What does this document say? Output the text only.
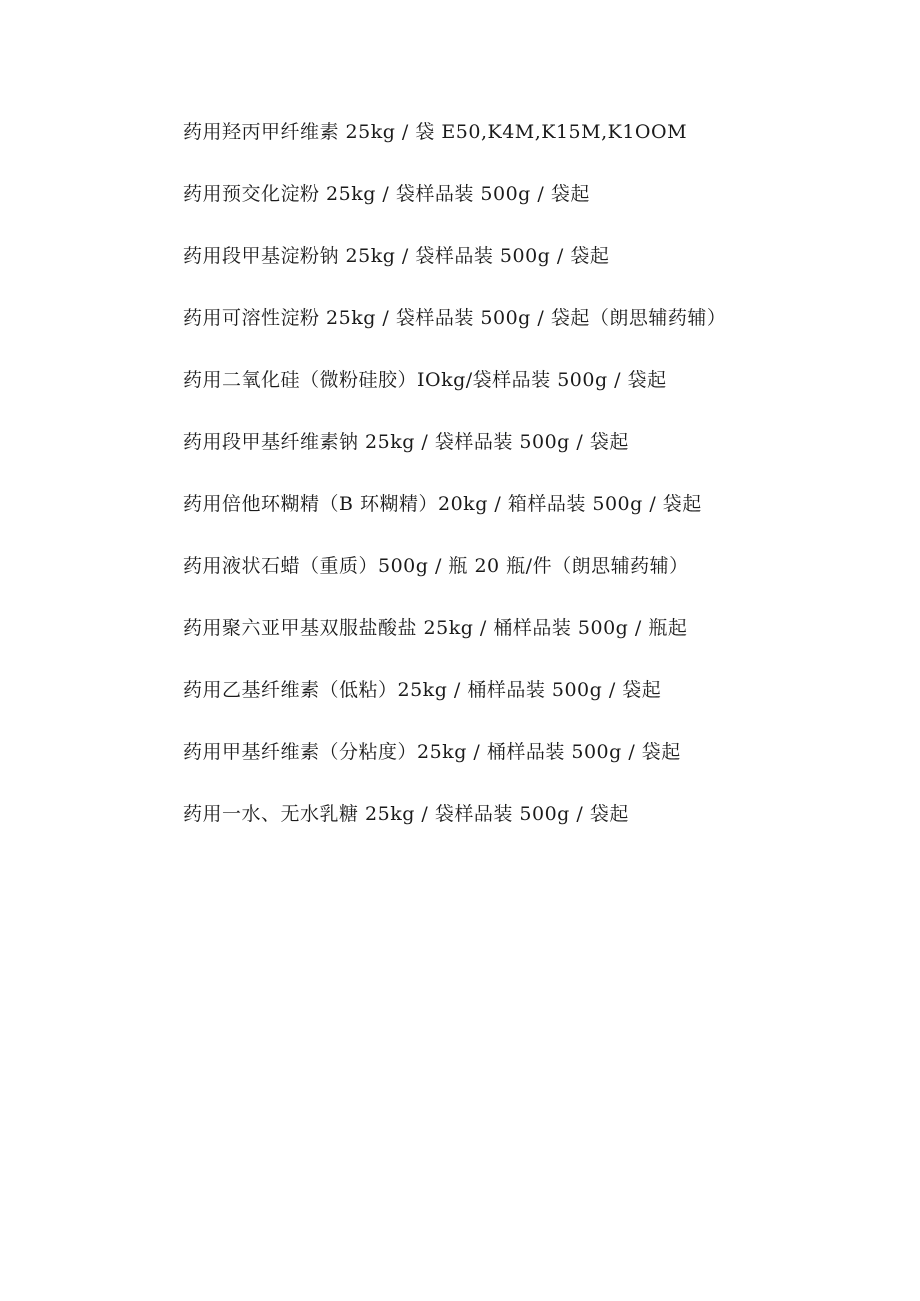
药用羟丙甲纤维素 25kg / 袋 E50,K4M,K15M,K1OOM
药用预交化淀粉 25kg / 袋样品装 500g / 袋起
药用段甲基淀粉钠 25kg / 袋样品装 500g / 袋起
药用可溶性淀粉 25kg / 袋样品装 500g / 袋起（朗思辅药辅）
药用二氧化硅（微粉硅胶）IOkg/袋样品装 500g / 袋起
药用段甲基纤维素钠 25kg / 袋样品装 500g / 袋起
药用倍他环糊精（B 环糊精）20kg / 箱样品装 500g / 袋起
药用液状石蜡（重质）500g / 瓶 20 瓶/件（朗思辅药辅）
药用聚六亚甲基双服盐酸盐 25kg / 桶样品装 500g / 瓶起
药用乙基纤维素（低粘）25kg / 桶样品装 500g / 袋起
药用甲基纤维素（分粘度）25kg / 桶样品装 500g / 袋起
药用一水、无水乳糖 25kg / 袋样品装 500g / 袋起
